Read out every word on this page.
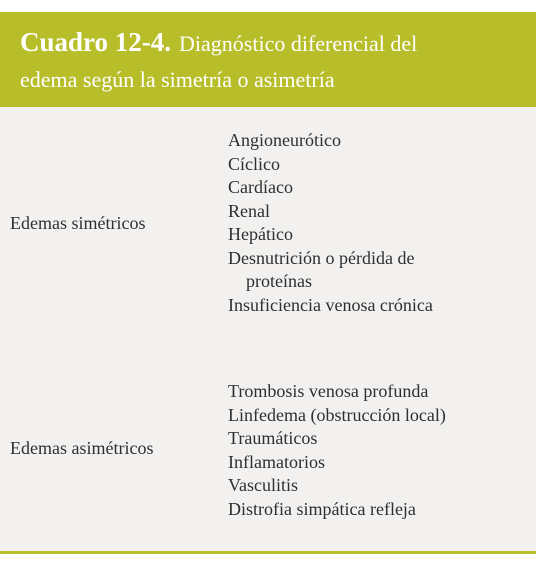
Cuadro 12-4. Diagnóstico diferencial del
edema según la simetría o asimetría
Edemas simétricos
Angioneurótico
Cíclico
Cardíaco
Renal
Hepático
Desnutrición o pérdida de
proteínas
Insuficiencia venosa crónica
Edemas asimétricos
Trombosis venosa profunda
Linfedema (obstrucción local)
Traumáticos
Inflamatorios
Vasculitis
Distrofia simpática refleja
